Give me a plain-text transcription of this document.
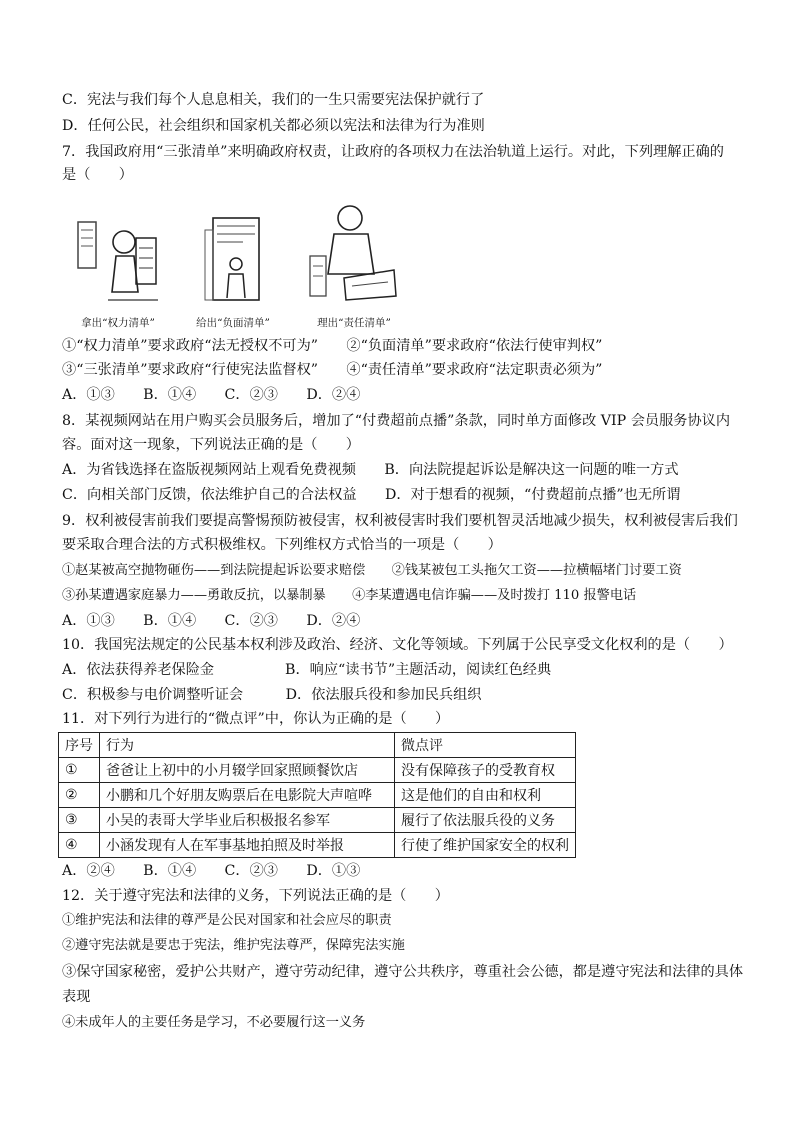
C．宪法与我们每个人息息相关，我们的一生只需要宪法保护就行了
D．任何公民，社会组织和国家机关都必须以宪法和法律为行为准则
7．我国政府用“三张清单”来明确政府权责，让政府的各项权力在法治轨道上运行。对此，下列理解正确的
是（　　）
拿出“权力清单”	给出“负面清单”	理出“责任清单”
①“权力清单”要求政府“法无授权不可为”　　②“负面清单”要求政府“依法行使审判权”
③“三张清单”要求政府“行使宪法监督权”　　④“责任清单”要求政府“法定职责必须为”
A．①③　　B．①④　　C．②③　　D．②④
8．某视频网站在用户购买会员服务后，增加了“付费超前点播”条款，同时单方面修改 VIP 会员服务协议内
容。面对这一现象，下列说法正确的是（　　）
A．为省钱选择在盗版视频网站上观看免费视频　　B．向法院提起诉讼是解决这一问题的唯一方式
C．向相关部门反馈，依法维护自己的合法权益　　D．对于想看的视频，“付费超前点播”也无所谓
9．权利被侵害前我们要提高警惕预防被侵害，权利被侵害时我们要机智灵活地减少损失，权利被侵害后我们
要采取合理合法的方式积极维权。下列维权方式恰当的一项是（　　）
①赵某被高空抛物砸伤——到法院提起诉讼要求赔偿　　②钱某被包工头拖欠工资——拉横幅堵门讨要工资
③孙某遭遇家庭暴力——勇敢反抗，以暴制暴　　④李某遭遇电信诈骗——及时拨打 110 报警电话
A．①③　　B．①④　　C．②③　　D．②④
10．我国宪法规定的公民基本权利涉及政治、经济、文化等领域。下列属于公民享受文化权利的是（　　）
A．依法获得养老保险金　　　　　B．响应“读书节”主题活动，阅读红色经典
C．积极参与电价调整听证会　　　D．依法服兵役和参加民兵组织
11．对下列行为进行的“微点评”中，你认为正确的是（　　）
序号	行为	微点评
①	爸爸让上初中的小月辍学回家照顾餐饮店	没有保障孩子的受教育权
②	小鹏和几个好朋友购票后在电影院大声喧哗	这是他们的自由和权利
③	小吴的表哥大学毕业后积极报名参军	履行了依法服兵役的义务
④	小涵发现有人在军事基地拍照及时举报	行使了维护国家安全的权利
A．②④　　B．①④　　C．②③　　D．①③
12．关于遵守宪法和法律的义务，下列说法正确的是（　　）
①维护宪法和法律的尊严是公民对国家和社会应尽的职责
②遵守宪法就是要忠于宪法，维护宪法尊严，保障宪法实施
③保守国家秘密，爱护公共财产，遵守劳动纪律，遵守公共秩序，尊重社会公德，都是遵守宪法和法律的具体
表现
④未成年人的主要任务是学习，不必要履行这一义务
